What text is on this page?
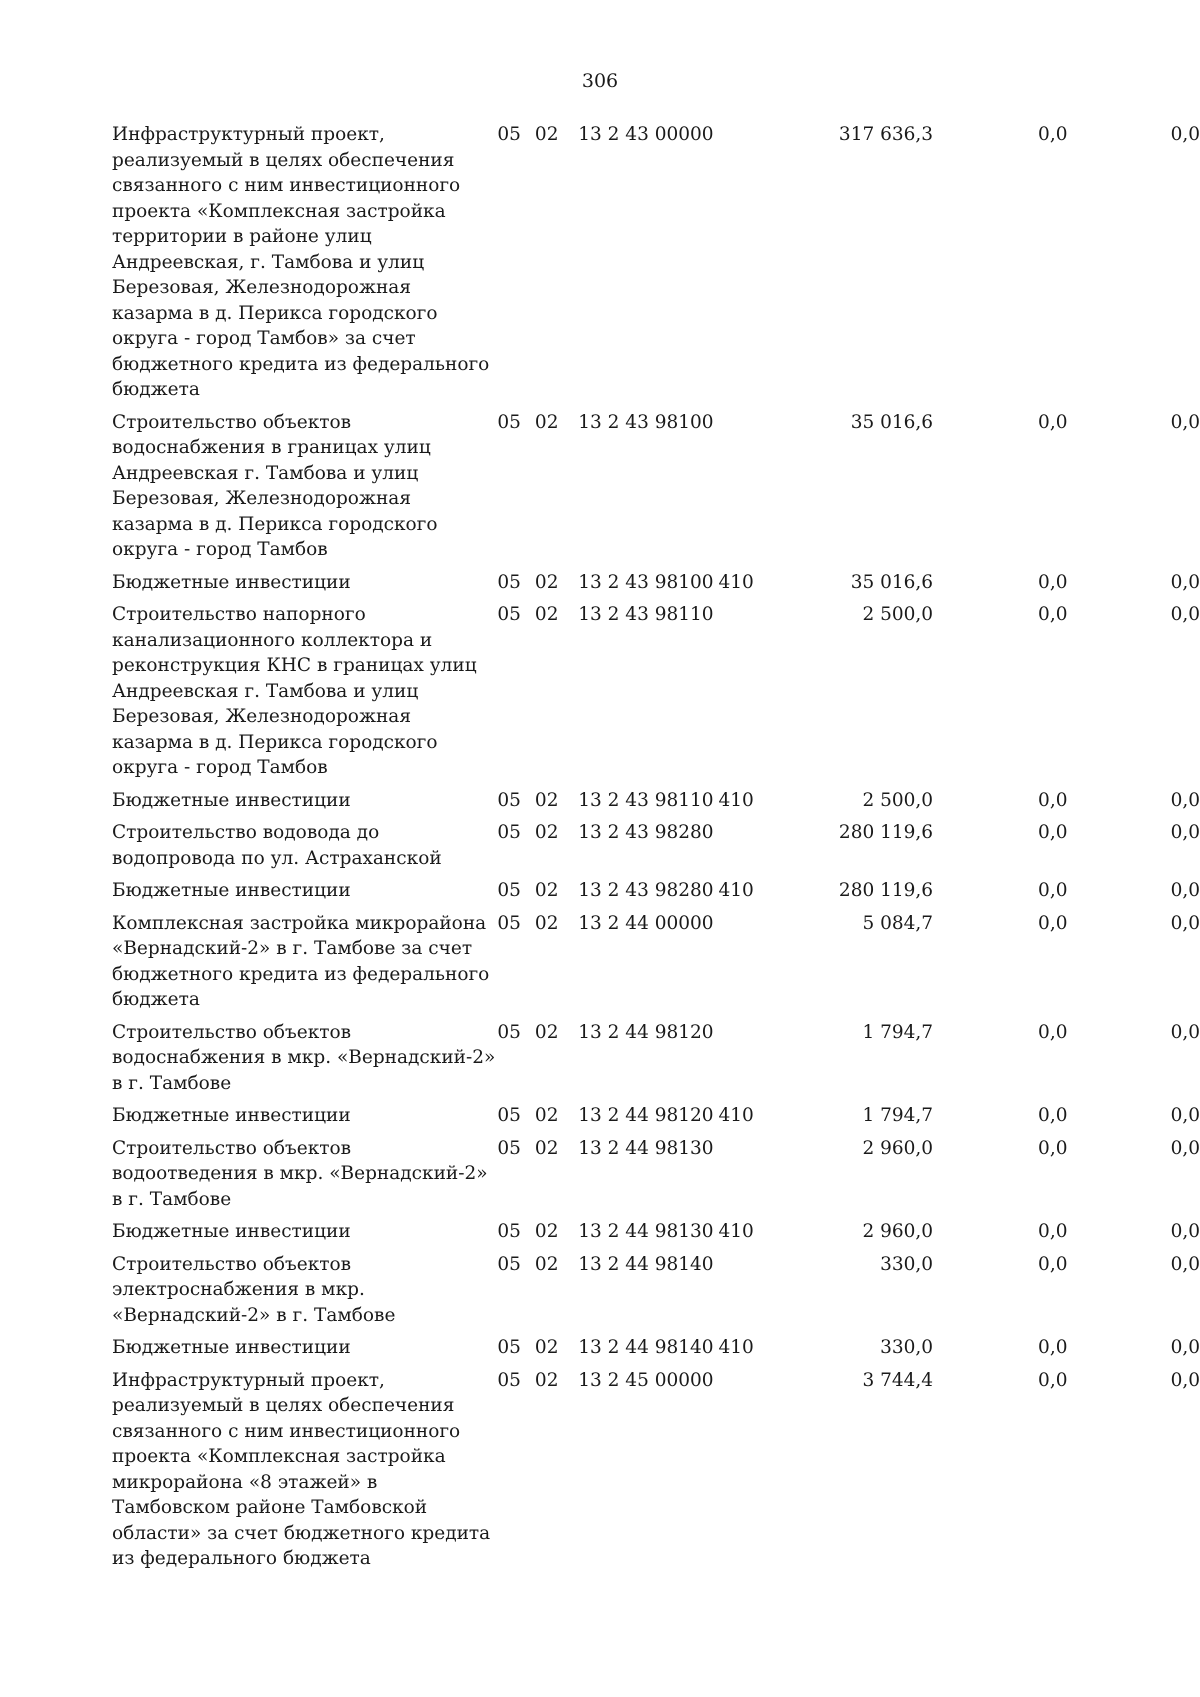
306
Инфраструктурный проект, реализуемый в целях обеспечения связанного с ним инвестиционного проекта «Комплексная застройка территории в районе улиц Андреевская, г. Тамбова и улиц Березовая, Железнодорожная казарма в д. Перикса городского округа - город Тамбов» за счет бюджетного кредита из федерального бюджета	05	02	13 2 43 00000		317 636,3	0,0	0,0
Строительство объектов водоснабжения в границах улиц Андреевская г. Тамбова и улиц Березовая, Железнодорожная казарма в д. Перикса городского округа - город Тамбов	05	02	13 2 43 98100		35 016,6	0,0	0,0
Бюджетные инвестиции	05	02	13 2 43 98100	410	35 016,6	0,0	0,0
Строительство напорного канализационного коллектора и реконструкция КНС в границах улиц Андреевская г. Тамбова и улиц Березовая, Железнодорожная казарма в д. Перикса городского округа - город Тамбов	05	02	13 2 43 98110		2 500,0	0,0	0,0
Бюджетные инвестиции	05	02	13 2 43 98110	410	2 500,0	0,0	0,0
Строительство водовода до водопровода по ул. Астраханской	05	02	13 2 43 98280		280 119,6	0,0	0,0
Бюджетные инвестиции	05	02	13 2 43 98280	410	280 119,6	0,0	0,0
Комплексная застройка микрорайона «Вернадский-2» в г. Тамбове за счет бюджетного кредита из федерального бюджета	05	02	13 2 44 00000		5 084,7	0,0	0,0
Строительство объектов водоснабжения в мкр. «Вернадский-2» в г. Тамбове	05	02	13 2 44 98120		1 794,7	0,0	0,0
Бюджетные инвестиции	05	02	13 2 44 98120	410	1 794,7	0,0	0,0
Строительство объектов водоотведения в мкр. «Вернадский-2» в г. Тамбове	05	02	13 2 44 98130		2 960,0	0,0	0,0
Бюджетные инвестиции	05	02	13 2 44 98130	410	2 960,0	0,0	0,0
Строительство объектов электроснабжения в мкр. «Вернадский-2» в г. Тамбове	05	02	13 2 44 98140		330,0	0,0	0,0
Бюджетные инвестиции	05	02	13 2 44 98140	410	330,0	0,0	0,0
Инфраструктурный проект, реализуемый в целях обеспечения связанного с ним инвестиционного проекта «Комплексная застройка микрорайона «8 этажей» в Тамбовском районе Тамбовской области» за счет бюджетного кредита из федерального бюджета	05	02	13 2 45 00000		3 744,4	0,0	0,0
